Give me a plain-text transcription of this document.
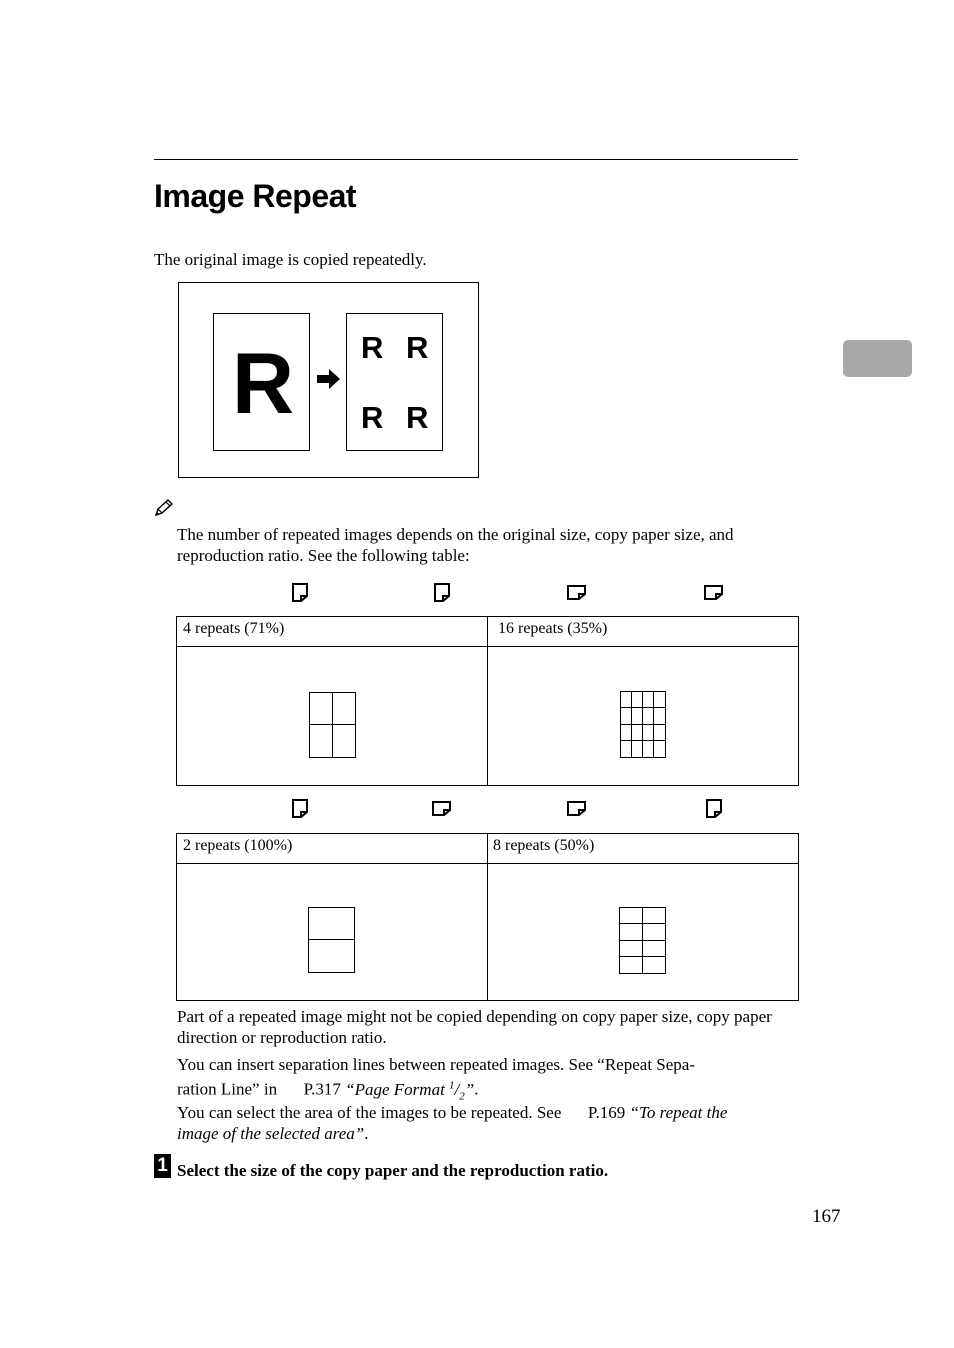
Image Repeat
The original image is copied repeatedly.
R R R
R R
The number of repeated images depends on the original size, copy paper size, and reproduction ratio. See the following table:
4 repeats (71%)	16 repeats (35%)
2 repeats (100%)	8 repeats (50%)
Part of a repeated image might not be copied depending on copy paper size, copy paper direction or reproduction ratio.
You can insert separation lines between repeated images. See “Repeat Sepa-
ration Line” in P.317 “Page Format $^1/_2$”.
You can select the area of the images to be repeated. See P.169 “To repeat the
image of the selected area”.
1 Select the size of the copy paper and the reproduction ratio.
167
